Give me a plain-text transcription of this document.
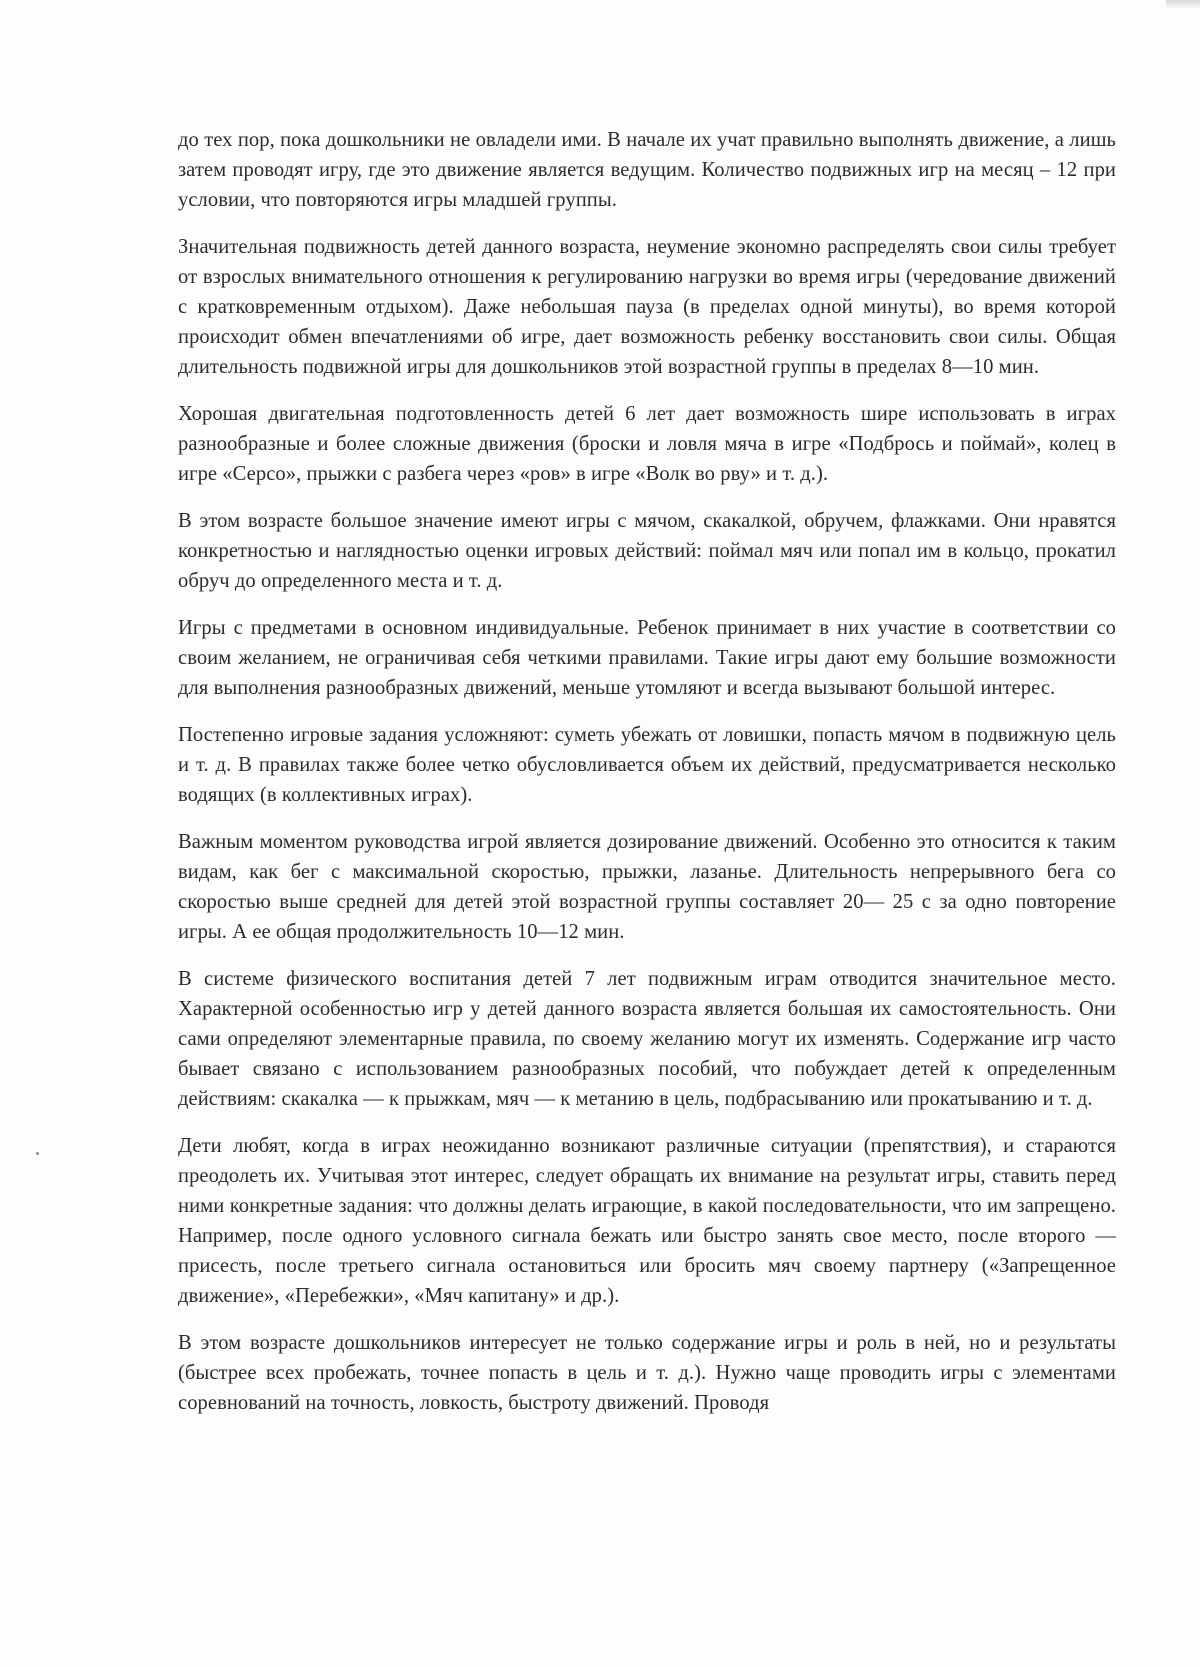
до тех пор, пока дошкольники не овладели ими. В начале их учат правильно выполнять движение, а лишь затем проводят игру, где это движение является ведущим. Количество подвижных игр на месяц – 12 при условии, что повторяются игры младшей группы.

Значительная подвижность детей данного возраста, неумение экономно распределять свои силы требует от взрослых внимательного отношения к регулированию нагрузки во время игры (чередование движений с кратковременным отдыхом). Даже небольшая пауза (в пределах одной минуты), во время которой происходит обмен впечатлениями об игре, дает возможность ребенку восстановить свои силы. Общая длительность подвижной игры для дошкольников этой возрастной группы в пределах 8—10 мин.

Хорошая двигательная подготовленность детей 6 лет дает возможность шире использовать в играх разнообразные и более сложные движения (броски и ловля мяча в игре «Подбрось и поймай», колец в игре «Серсо», прыжки с разбега через «ров» в игре «Волк во рву» и т. д.).

В этом возрасте большое значение имеют игры с мячом, скакалкой, обручем, флажками. Они нравятся конкретностью и наглядностью оценки игровых действий: поймал мяч или попал им в кольцо, прокатил обруч до определенного места и т. д.

Игры с предметами в основном индивидуальные. Ребенок принимает в них участие в соответствии со своим желанием, не ограничивая себя четкими правилами. Такие игры дают ему большие возможности для выполнения разнообразных движений, меньше утомляют и всегда вызывают большой интерес.

Постепенно игровые задания усложняют: суметь убежать от ловишки, попасть мячом в подвижную цель и т. д. В правилах также более четко обусловливается объем их действий, предусматривается несколько водящих (в коллективных играх).

Важным моментом руководства игрой является дозирование движений. Особенно это относится к таким видам, как бег с максимальной скоростью, прыжки, лазанье. Длительность непрерывного бега со скоростью выше средней для детей этой возрастной группы составляет 20— 25 с за одно повторение игры. А ее общая продолжительность 10—12 мин.

В системе физического воспитания детей 7 лет подвижным играм отводится значительное место. Характерной особенностью игр у детей данного возраста является большая их самостоятельность. Они сами определяют элементарные правила, по своему желанию могут их изменять. Содержание игр часто бывает связано с использованием разнообразных пособий, что побуждает детей к определенным действиям: скакалка — к прыжкам, мяч — к метанию в цель, подбрасыванию или прокатыванию и т. д.

Дети любят, когда в играх неожиданно возникают различные ситуации (препятствия), и стараются преодолеть их. Учитывая этот интерес, следует обращать их внимание на результат игры, ставить перед ними конкретные задания: что должны делать играющие, в какой последовательности, что им запрещено. Например, после одного условного сигнала бежать или быстро занять свое место, после второго — присесть, после третьего сигнала остановиться или бросить мяч своему партнеру («Запрещенное движение», «Перебежки», «Мяч капитану» и др.).

В этом возрасте дошкольников интересует не только содержание игры и роль в ней, но и результаты (быстрее всех пробежать, точнее попасть в цель и т. д.). Нужно чаще проводить игры с элементами соревнований на точность, ловкость, быстроту движений. Проводя
